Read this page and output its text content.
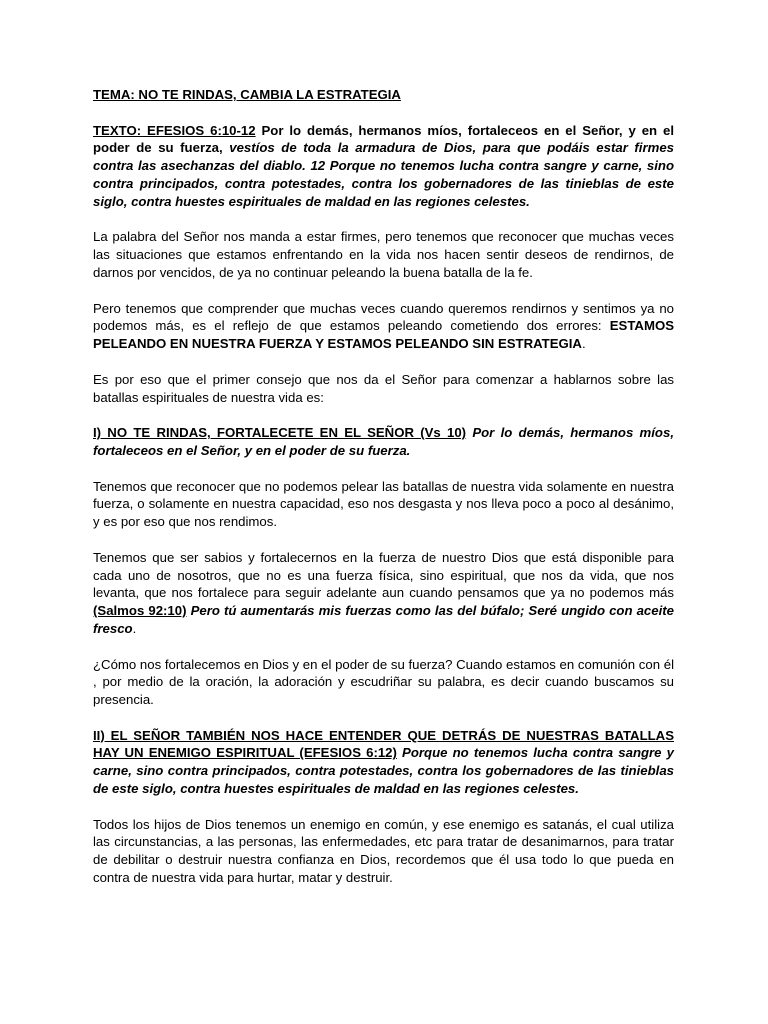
TEMA: NO TE RINDAS, CAMBIA LA ESTRATEGIA

TEXTO: EFESIOS 6:10-12 Por lo demás, hermanos míos, fortaleceos en el Señor, y en el poder de su fuerza, vestíos de toda la armadura de Dios, para que podáis estar firmes contra las asechanzas del diablo. 12 Porque no tenemos lucha contra sangre y carne, sino contra principados, contra potestades, contra los gobernadores de las tinieblas de este siglo, contra huestes espirituales de maldad en las regiones celestes.

La palabra del Señor nos manda a estar firmes, pero tenemos que reconocer que muchas veces las situaciones que estamos enfrentando en la vida nos hacen sentir deseos de rendirnos, de darnos por vencidos, de ya no continuar peleando la buena batalla de la fe.

Pero tenemos que comprender que muchas veces cuando queremos rendirnos y sentimos ya no podemos más, es el reflejo de que estamos peleando cometiendo dos errores: ESTAMOS PELEANDO EN NUESTRA FUERZA Y ESTAMOS PELEANDO SIN ESTRATEGIA.

Es por eso que el primer consejo que nos da el Señor para comenzar a hablarnos sobre las batallas espirituales de nuestra vida es:

I) NO TE RINDAS, FORTALECETE EN EL SEÑOR (Vs 10) Por lo demás, hermanos míos, fortaleceos en el Señor, y en el poder de su fuerza.

Tenemos que reconocer que no podemos pelear las batallas de nuestra vida solamente en nuestra fuerza, o solamente en nuestra capacidad, eso nos desgasta y nos lleva poco a poco al desánimo, y es por eso que nos rendimos.

Tenemos que ser sabios y fortalecernos en la fuerza de nuestro Dios que está disponible para cada uno de nosotros, que no es una fuerza física, sino espiritual, que nos da vida, que nos levanta, que nos fortalece para seguir adelante aun cuando pensamos que ya no podemos más (Salmos 92:10) Pero tú aumentarás mis fuerzas como las del búfalo; Seré ungido con aceite fresco.

¿Cómo nos fortalecemos en Dios y en el poder de su fuerza? Cuando estamos en comunión con él , por medio de la oración, la adoración y escudriñar su palabra, es decir cuando buscamos su presencia.

II) EL SEÑOR TAMBIÉN NOS HACE ENTENDER QUE DETRÁS DE NUESTRAS BATALLAS HAY UN ENEMIGO ESPIRITUAL (EFESIOS 6:12) Porque no tenemos lucha contra sangre y carne, sino contra principados, contra potestades, contra los gobernadores de las tinieblas de este siglo, contra huestes espirituales de maldad en las regiones celestes.

Todos los hijos de Dios tenemos un enemigo en común, y ese enemigo es satanás, el cual utiliza las circunstancias, a las personas, las enfermedades, etc para tratar de desanimarnos, para tratar de debilitar o destruir nuestra confianza en Dios, recordemos que él usa todo lo que pueda en contra de nuestra vida para hurtar, matar y destruir.
